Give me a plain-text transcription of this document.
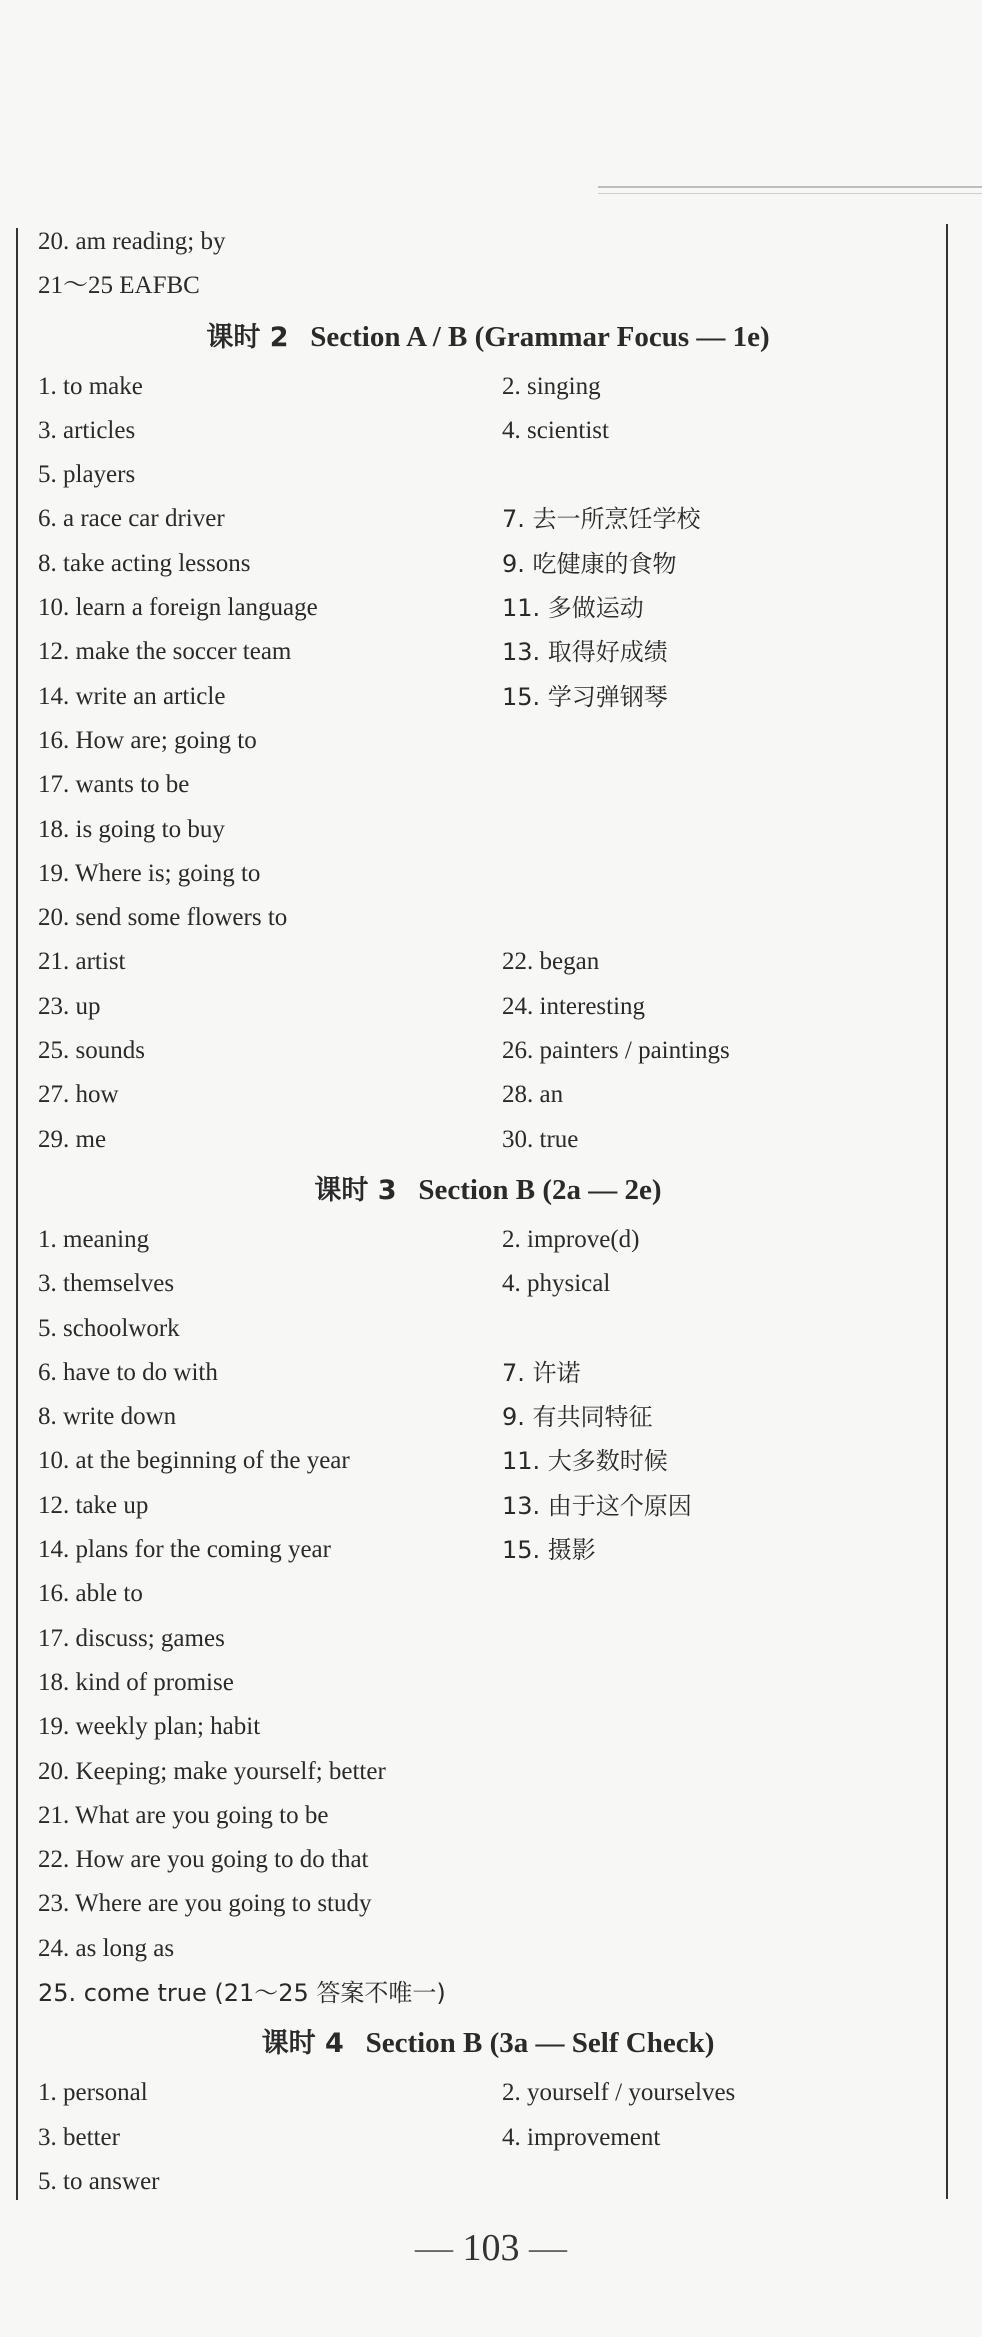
20. am reading; by
21～25 EAFBC
课时 2 Section A / B (Grammar Focus — 1e)
1. to make	2. singing
3. articles	4. scientist
5. players
6. a race car driver	7. 去一所烹饪学校
8. take acting lessons	9. 吃健康的食物
10. learn a foreign language	11. 多做运动
12. make the soccer team	13. 取得好成绩
14. write an article	15. 学习弹钢琴
16. How are; going to
17. wants to be
18. is going to buy
19. Where is; going to
20. send some flowers to
21. artist	22. began
23. up	24. interesting
25. sounds	26. painters / paintings
27. how	28. an
29. me	30. true
课时 3 Section B (2a — 2e)
1. meaning	2. improve(d)
3. themselves	4. physical
5. schoolwork
6. have to do with	7. 许诺
8. write down	9. 有共同特征
10. at the beginning of the year	11. 大多数时候
12. take up	13. 由于这个原因
14. plans for the coming year	15. 摄影
16. able to
17. discuss; games
18. kind of promise
19. weekly plan; habit
20. Keeping; make yourself; better
21. What are you going to be
22. How are you going to do that
23. Where are you going to study
24. as long as
25. come true (21～25 答案不唯一)
课时 4 Section B (3a — Self Check)
1. personal	2. yourself / yourselves
3. better	4. improvement
5. to answer
— 103 —
